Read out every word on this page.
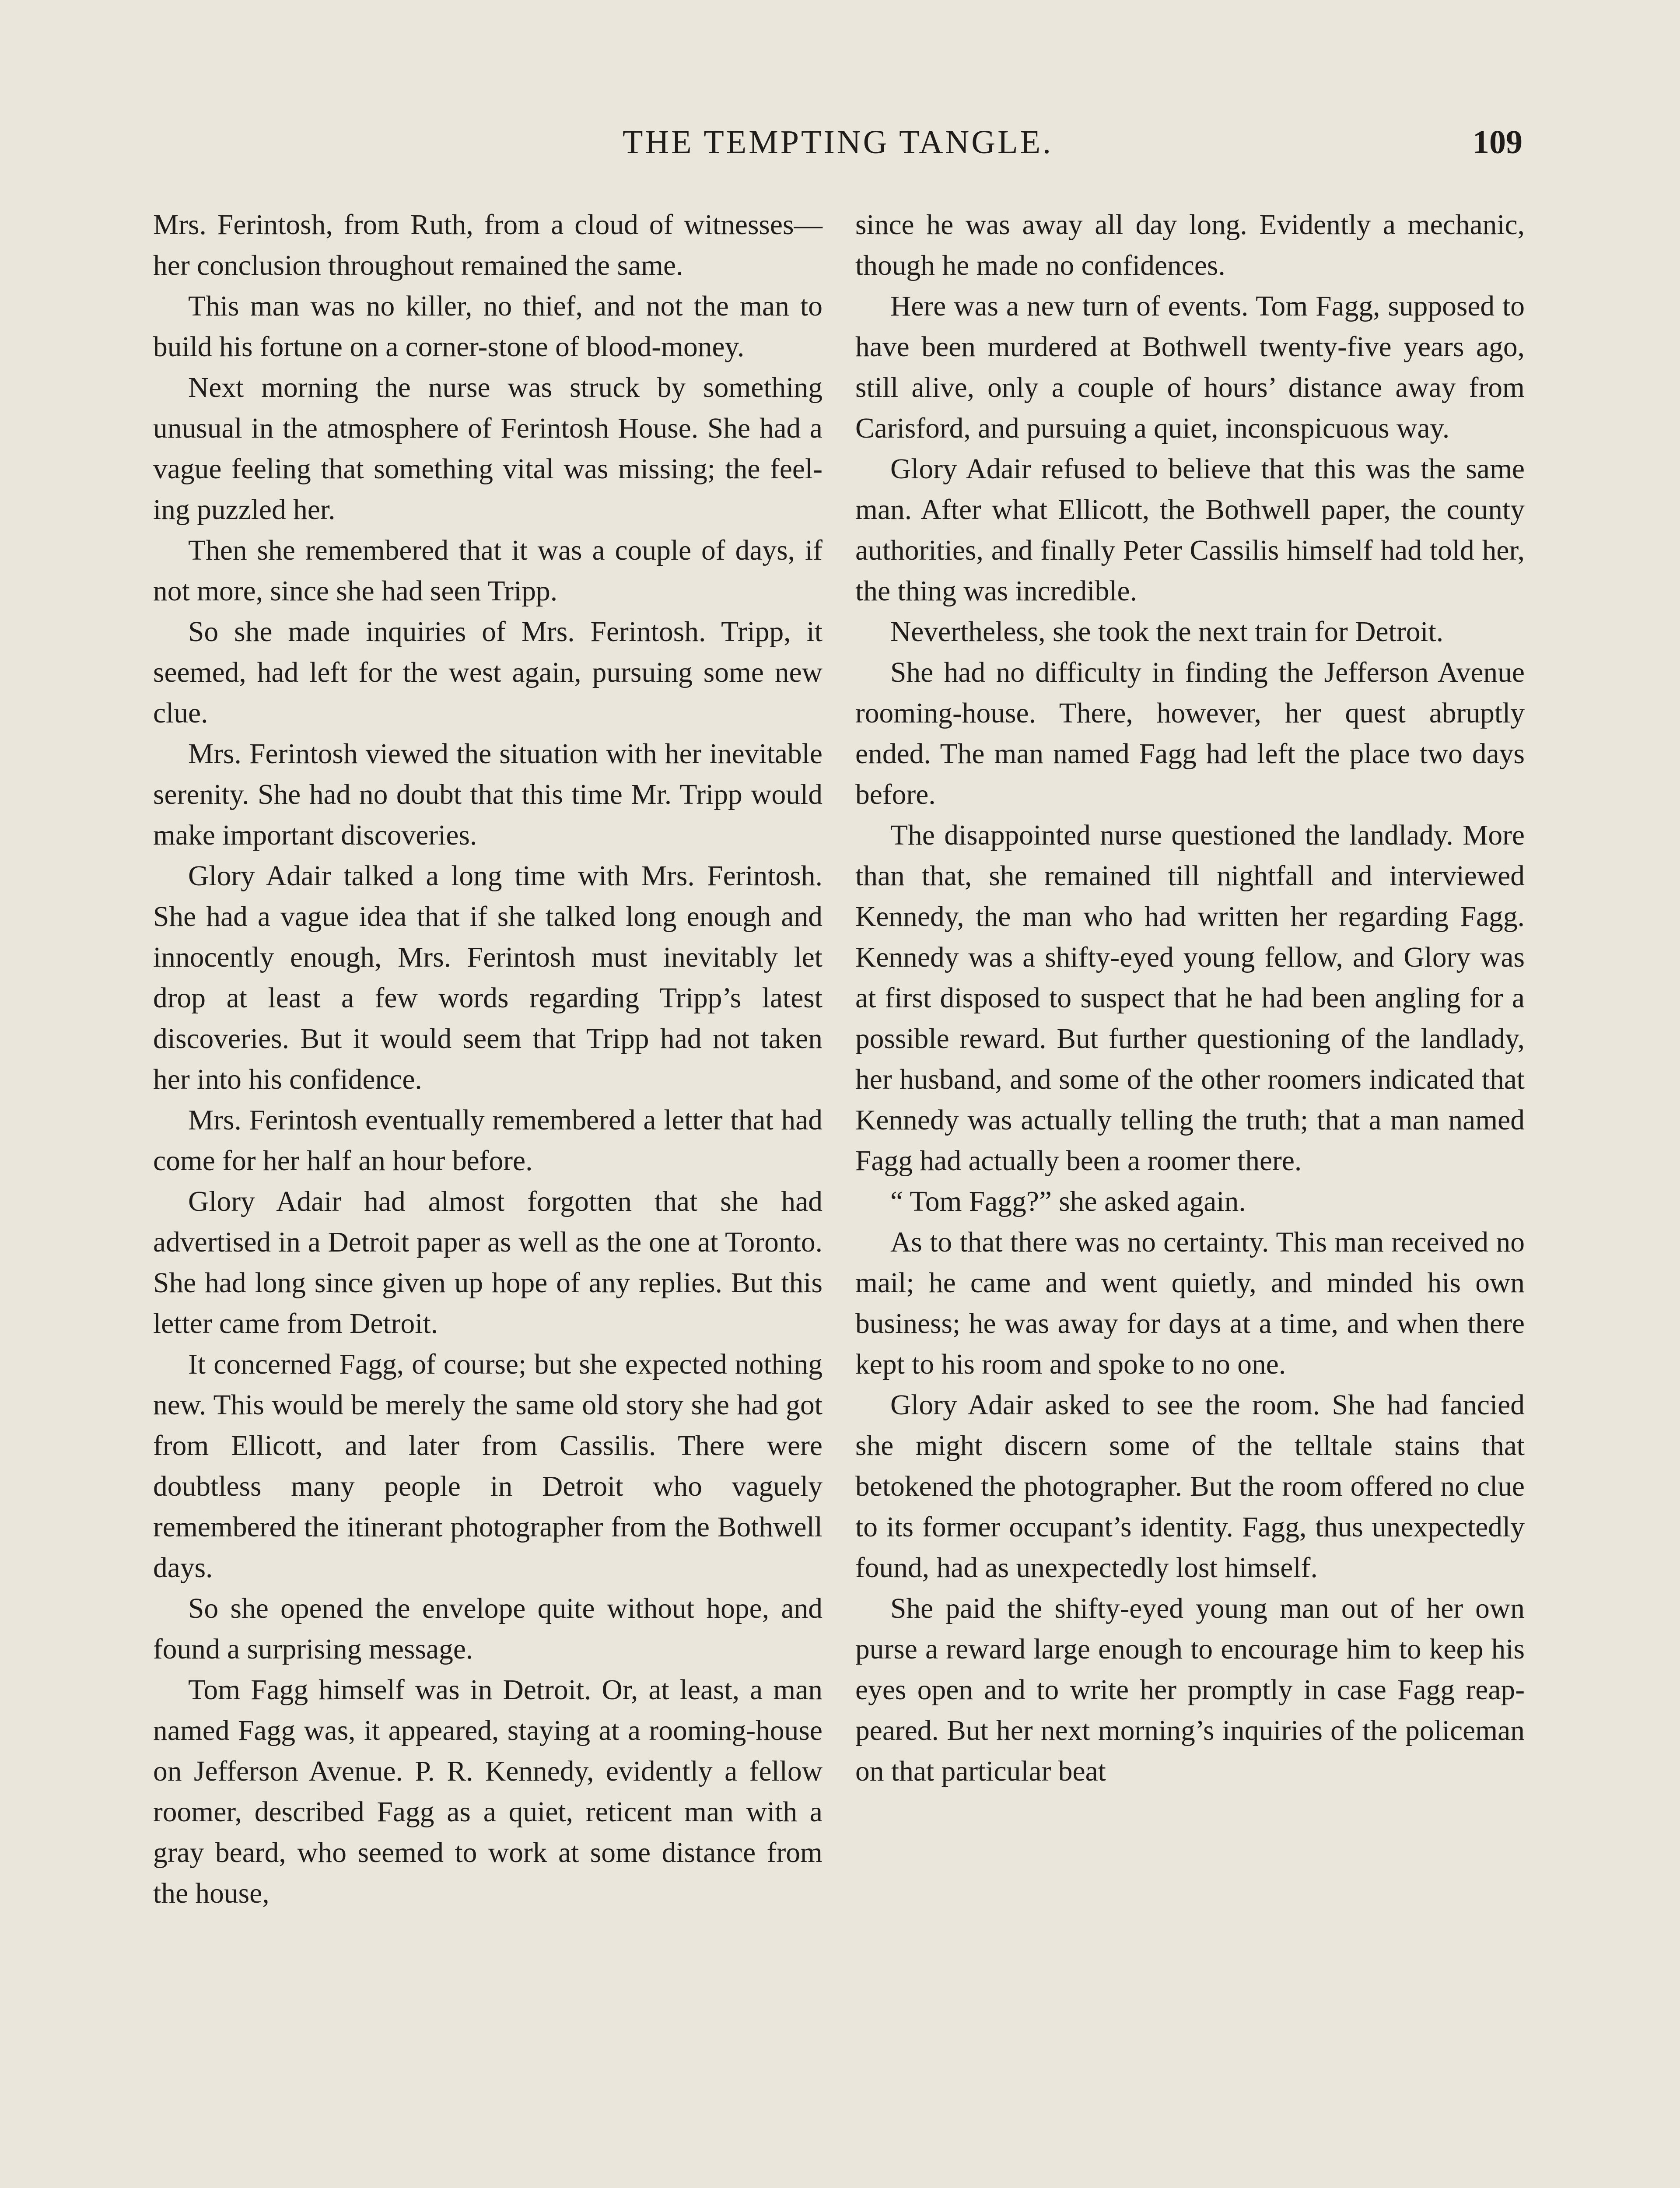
THE TEMPTING TANGLE.	109

Mrs. Ferintosh, from Ruth, from a cloud of witnesses—her conclusion throughout remained the same.

This man was no killer, no thief, and not the man to build his fortune on a corner-stone of blood-money.

Next morning the nurse was struck by something unusual in the atmosphere of Ferintosh House. She had a vague feeling that something vital was missing; the feeling puzzled her.

Then she remembered that it was a couple of days, if not more, since she had seen Tripp.

So she made inquiries of Mrs. Ferintosh. Tripp, it seemed, had left for the west again, pursuing some new clue.

Mrs. Ferintosh viewed the situation with her inevitable serenity. She had no doubt that this time Mr. Tripp would make important discoveries.

Glory Adair talked a long time with Mrs. Ferintosh. She had a vague idea that if she talked long enough and innocently enough, Mrs. Ferintosh must inevitably let drop at least a few words regarding Tripp’s latest discoveries. But it would seem that Tripp had not taken her into his confidence.

Mrs. Ferintosh eventually remembered a letter that had come for her half an hour before.

Glory Adair had almost forgotten that she had advertised in a Detroit paper as well as the one at Toronto. She had long since given up hope of any replies. But this letter came from Detroit.

It concerned Fagg, of course; but she expected nothing new. This would be merely the same old story she had got from Ellicott, and later from Cassilis. There were doubtless many people in Detroit who vaguely remembered the itinerant photographer from the Bothwell days.

So she opened the envelope quite without hope, and found a surprising message.

Tom Fagg himself was in Detroit. Or, at least, a man named Fagg was, it appeared, staying at a rooming-house on Jefferson Avenue. P. R. Kennedy, evidently a fellow roomer, described Fagg as a quiet, reticent man with a gray beard, who seemed to work at some distance from the house,

since he was away all day long. Evidently a mechanic, though he made no confidences.

Here was a new turn of events. Tom Fagg, supposed to have been murdered at Bothwell twenty-five years ago, still alive, only a couple of hours’ distance away from Carisford, and pursuing a quiet, inconspicuous way.

Glory Adair refused to believe that this was the same man. After what Ellicott, the Bothwell paper, the county authorities, and finally Peter Cassilis himself had told her, the thing was incredible.

Nevertheless, she took the next train for Detroit.

She had no difficulty in finding the Jefferson Avenue rooming-house. There, however, her quest abruptly ended. The man named Fagg had left the place two days before.

The disappointed nurse questioned the landlady. More than that, she remained till nightfall and interviewed Kennedy, the man who had written her regarding Fagg. Kennedy was a shifty-eyed young fellow, and Glory was at first disposed to suspect that he had been angling for a possible reward. But further questioning of the landlady, her husband, and some of the other roomers indicated that Kennedy was actually telling the truth; that a man named Fagg had actually been a roomer there.

“ Tom Fagg?” she asked again.

As to that there was no certainty. This man received no mail; he came and went quietly, and minded his own business; he was away for days at a time, and when there kept to his room and spoke to no one.

Glory Adair asked to see the room. She had fancied she might discern some of the telltale stains that betokened the photographer. But the room offered no clue to its former occupant’s identity. Fagg, thus unexpectedly found, had as unexpectedly lost himself.

She paid the shifty-eyed young man out of her own purse a reward large enough to encourage him to keep his eyes open and to write her promptly in case Fagg reappeared. But her next morning’s inquiries of the policeman on that particular beat
